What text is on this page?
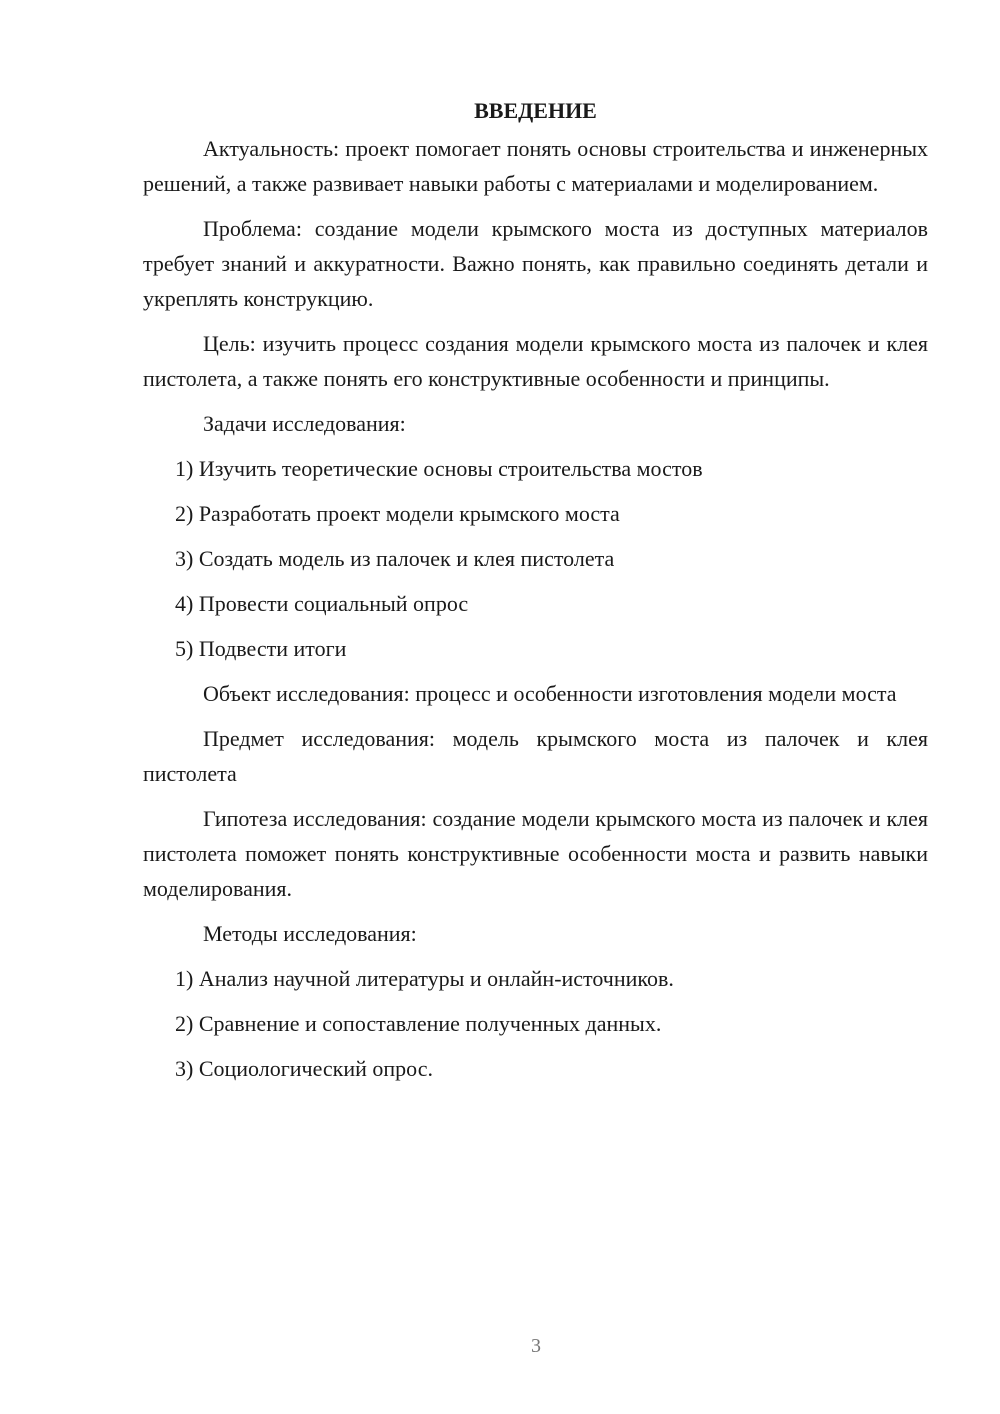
ВВЕДЕНИЕ

Актуальность: проект помогает понять основы строительства и инженерных решений, а также развивает навыки работы с материалами и моделированием.

Проблема: создание модели крымского моста из доступных материалов требует знаний и аккуратности. Важно понять, как правильно соединять детали и укреплять конструкцию.

Цель: изучить процесс создания модели крымского моста из палочек и клея пистолета, а также понять его конструктивные особенности и принципы.

Задачи исследования:
1) Изучить теоретические основы строительства мостов
2) Разработать проект модели крымского моста
3) Создать модель из палочек и клея пистолета
4) Провести социальный опрос
5) Подвести итоги

Объект исследования: процесс и особенности изготовления модели моста

Предмет исследования: модель крымского моста из палочек и клея пистолета

Гипотеза исследования: создание модели крымского моста из палочек и клея пистолета поможет понять конструктивные особенности моста и развить навыки моделирования.

Методы исследования:
1) Анализ научной литературы и онлайн-источников.
2) Сравнение и сопоставление полученных данных.
3) Социологический опрос.
3
